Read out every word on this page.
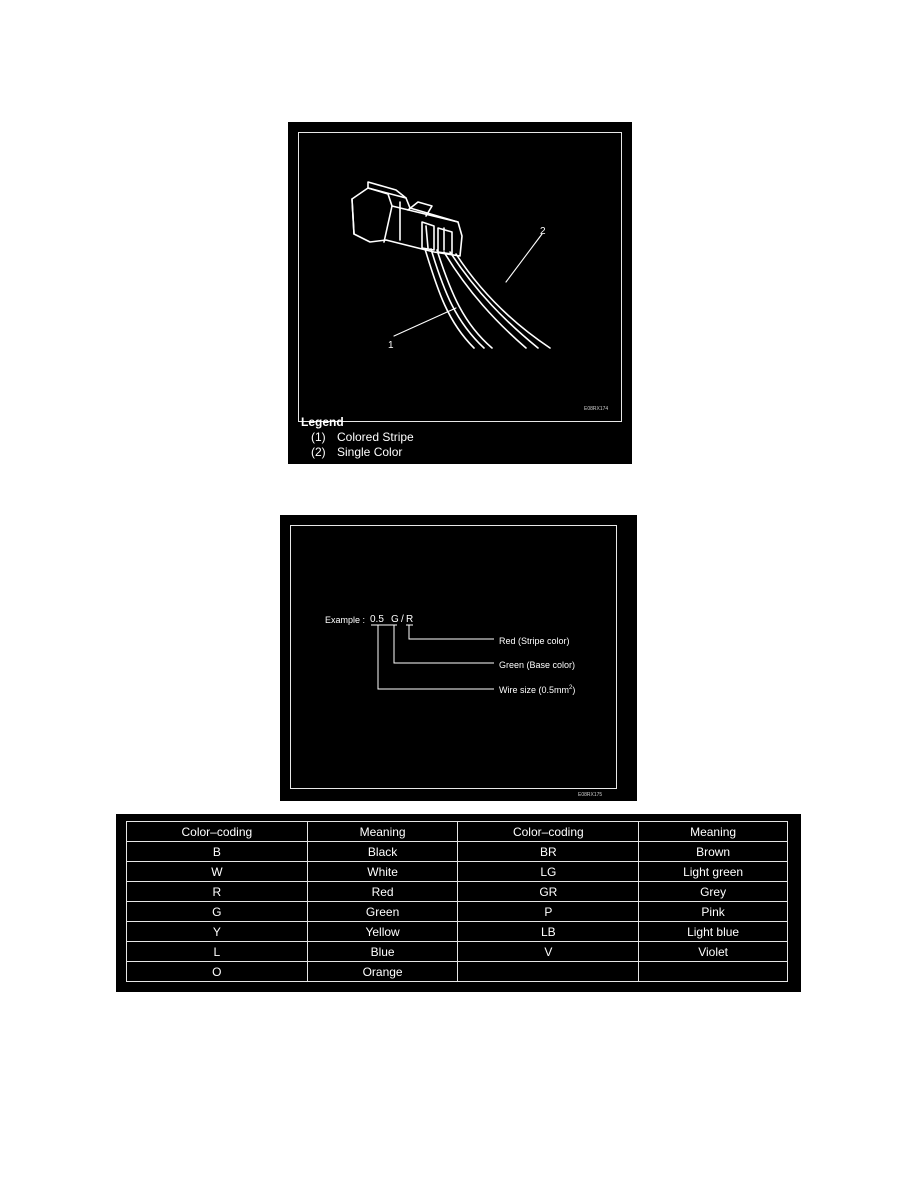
1
2
E08RX174
Legend
(1) Colored Stripe
(2) Single Color
Example : 0.5 G / R
Red (Stripe color)
Green (Base color)
Wire size $(0.5mm^2)$
E08RX175
Color–coding	Meaning	Color–coding	Meaning
B	Black	BR	Brown
W	White	LG	Light green
R	Red	GR	Grey
G	Green	P	Pink
Y	Yellow	LB	Light blue
L	Blue	V	Violet
O	Orange		
